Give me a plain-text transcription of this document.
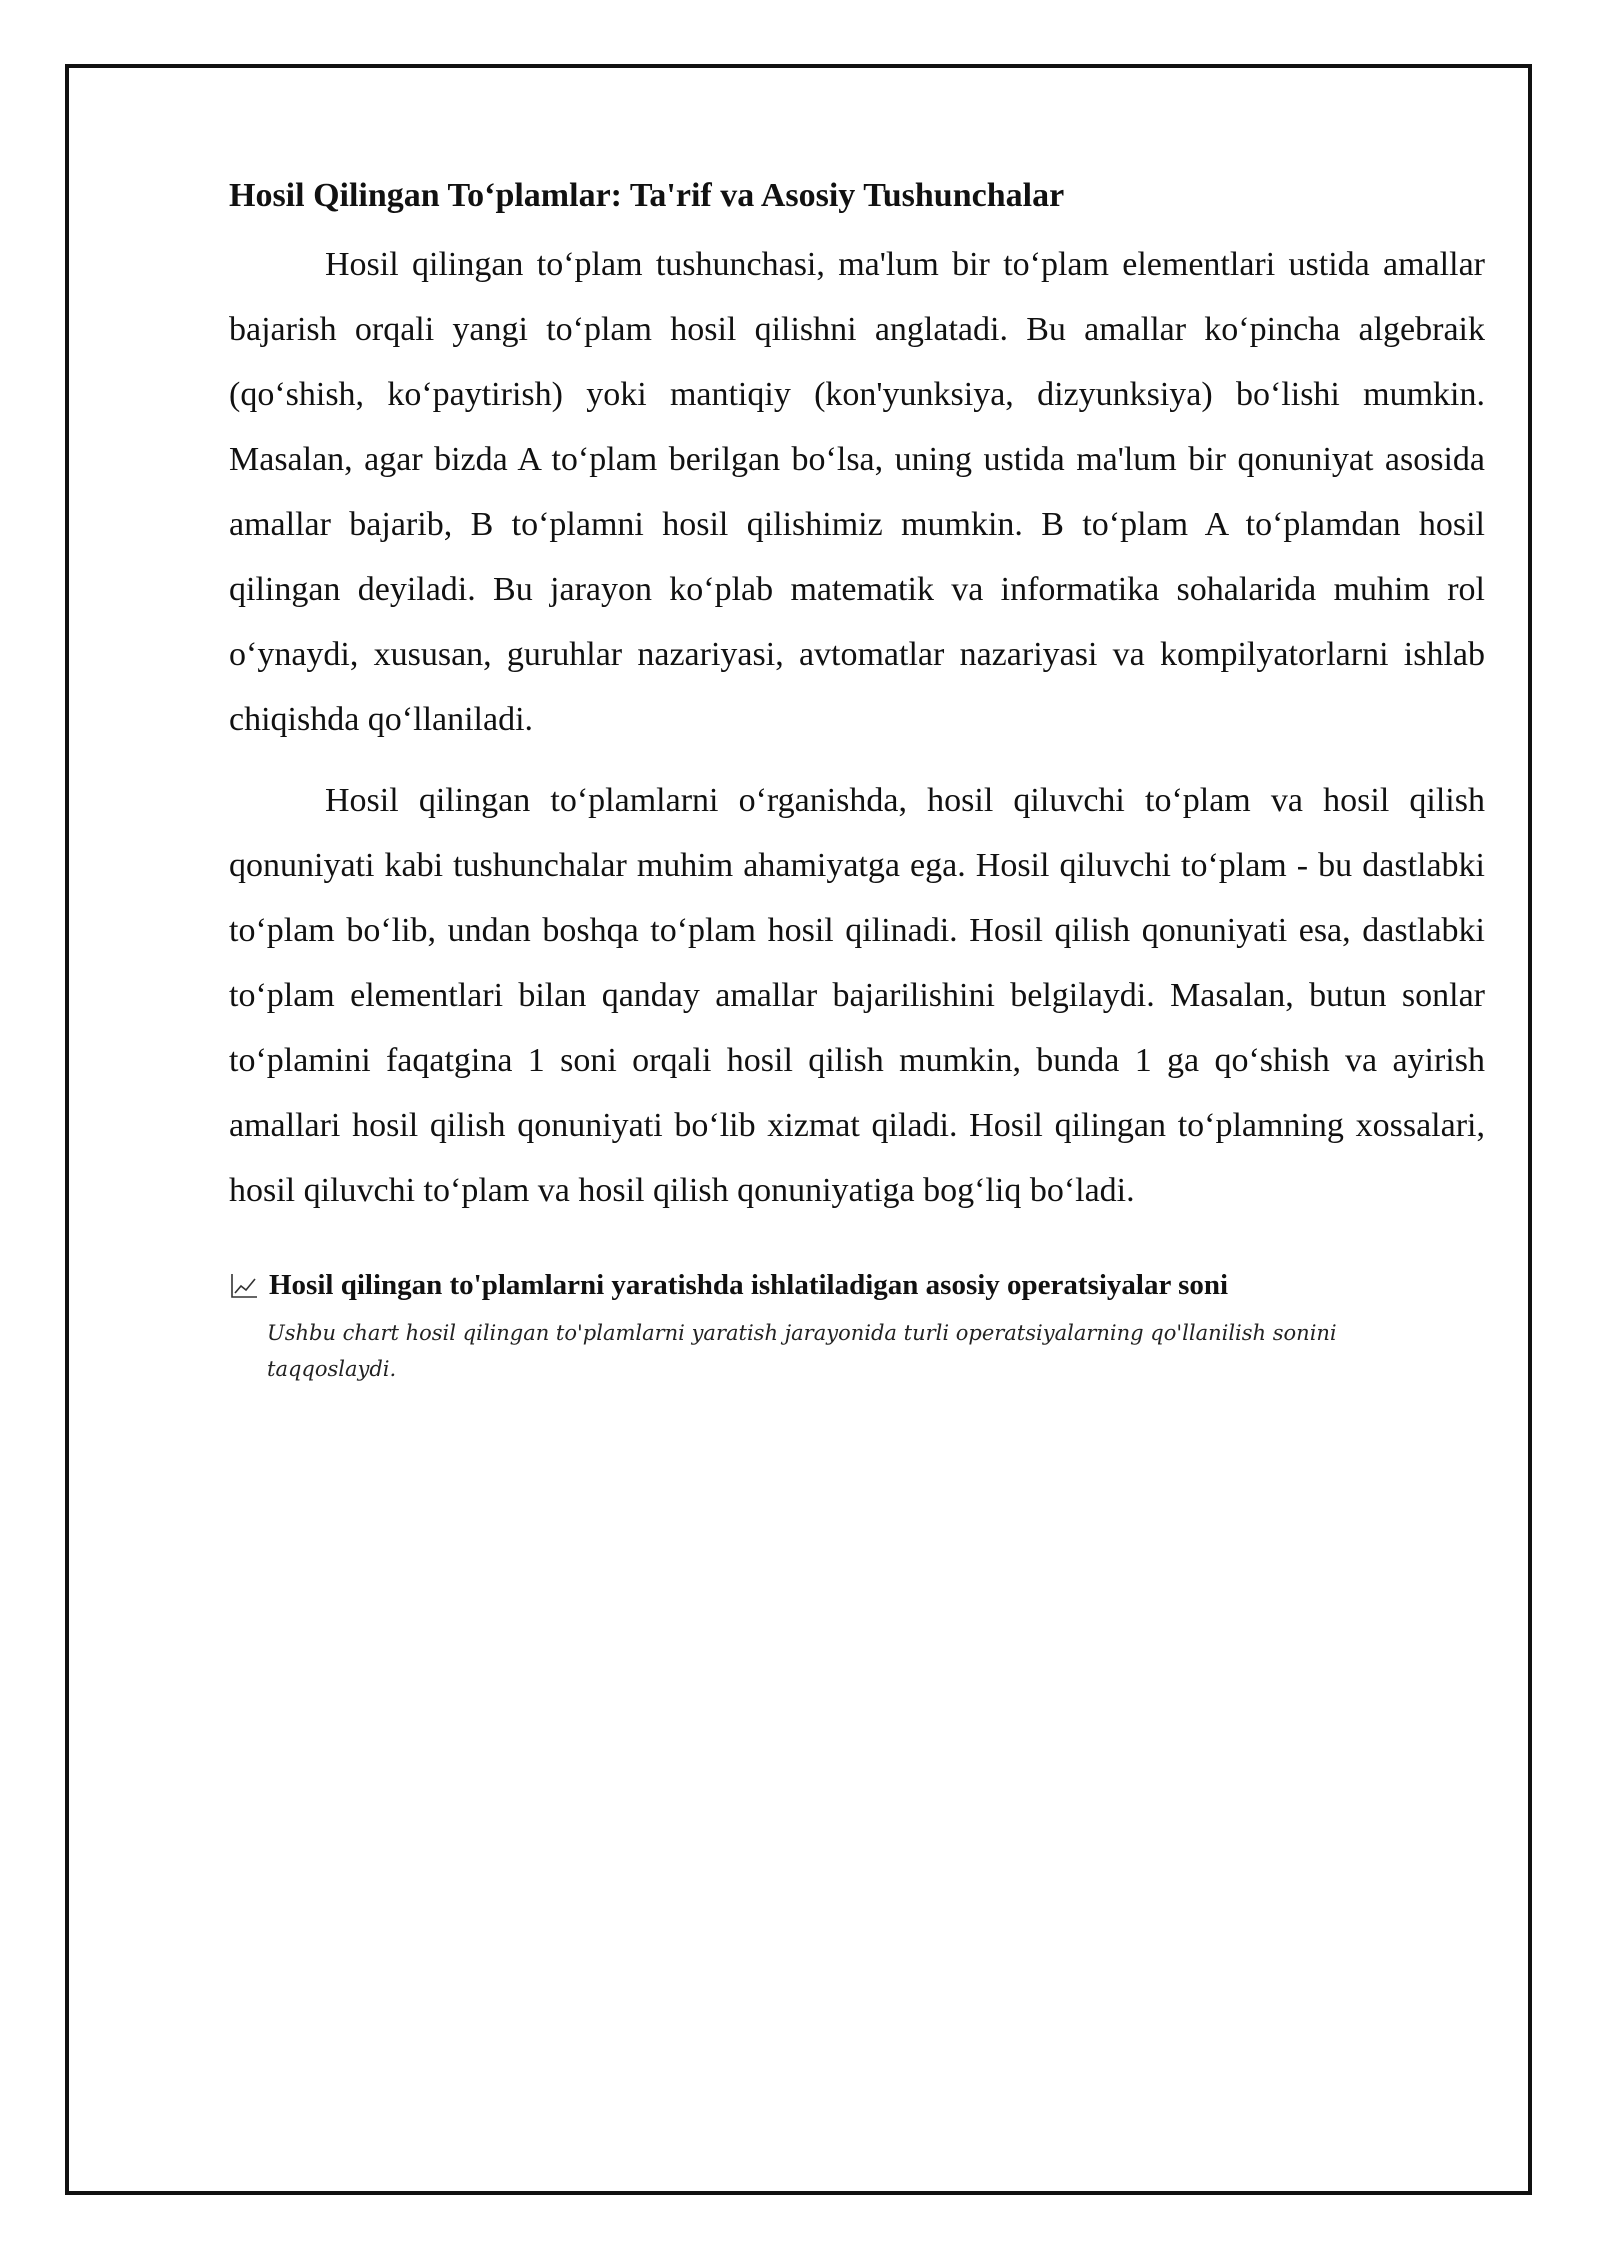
Hosil Qilingan To‘plamlar: Ta'rif va Asosiy Tushunchalar

Hosil qilingan to‘plam tushunchasi, ma'lum bir to‘plam elementlari ustida amallar bajarish orqali yangi to‘plam hosil qilishni anglatadi. Bu amallar ko‘pincha algebraik (qo‘shish, ko‘paytirish) yoki mantiqiy (kon'yunksiya, dizyunksiya) bo‘lishi mumkin. Masalan, agar bizda A to‘plam berilgan bo‘lsa, uning ustida ma'lum bir qonuniyat asosida amallar bajarib, B to‘plamni hosil qilishimiz mumkin. B to‘plam A to‘plamdan hosil qilingan deyiladi. Bu jarayon ko‘plab matematik va informatika sohalarida muhim rol o‘ynaydi, xususan, guruhlar nazariyasi, avtomatlar nazariyasi va kompilyatorlarni ishlab chiqishda qo‘llaniladi.

Hosil qilingan to‘plamlarni o‘rganishda, hosil qiluvchi to‘plam va hosil qilish qonuniyati kabi tushunchalar muhim ahamiyatga ega. Hosil qiluvchi to‘plam - bu dastlabki to‘plam bo‘lib, undan boshqa to‘plam hosil qilinadi. Hosil qilish qonuniyati esa, dastlabki to‘plam elementlari bilan qanday amallar bajarilishini belgilaydi. Masalan, butun sonlar to‘plamini faqatgina 1 soni orqali hosil qilish mumkin, bunda 1 ga qo‘shish va ayirish amallari hosil qilish qonuniyati bo‘lib xizmat qiladi. Hosil qilingan to‘plamning xossalari, hosil qiluvchi to‘plam va hosil qilish qonuniyatiga bog‘liq bo‘ladi.

Hosil qilingan to'plamlarni yaratishda ishlatiladigan asosiy operatsiyalar soni
Ushbu chart hosil qilingan to'plamlarni yaratish jarayonida turli operatsiyalarning qo'llanilish sonini taqqoslaydi.
